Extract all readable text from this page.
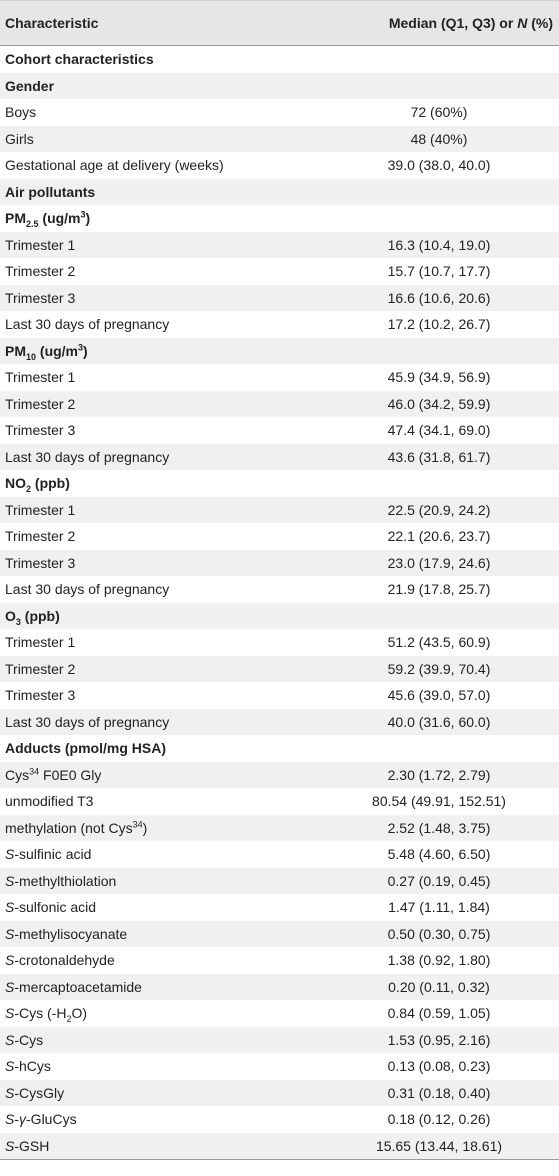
Characteristic	Median (Q1, Q3) or N (%)
Cohort characteristics
Gender
Boys	72 (60%)
Girls	48 (40%)
Gestational age at delivery (weeks)	39.0 (38.0, 40.0)
Air pollutants
$PM_{2.5}$ $(ug/m^3)$
Trimester 1	16.3 (10.4, 19.0)
Trimester 2	15.7 (10.7, 17.7)
Trimester 3	16.6 (10.6, 20.6)
Last 30 days of pregnancy	17.2 (10.2, 26.7)
$PM_{10}$ $(ug/m^3)$
Trimester 1	45.9 (34.9, 56.9)
Trimester 2	46.0 (34.2, 59.9)
Trimester 3	47.4 (34.1, 69.0)
Last 30 days of pregnancy	43.6 (31.8, 61.7)
$NO_2$ (ppb)
Trimester 1	22.5 (20.9, 24.2)
Trimester 2	22.1 (20.6, 23.7)
Trimester 3	23.0 (17.9, 24.6)
Last 30 days of pregnancy	21.9 (17.8, 25.7)
$O_3$ (ppb)
Trimester 1	51.2 (43.5, 60.9)
Trimester 2	59.2 (39.9, 70.4)
Trimester 3	45.6 (39.0, 57.0)
Last 30 days of pregnancy	40.0 (31.6, 60.0)
Adducts (pmol/mg HSA)
Cys$^{34}$ F0E0 Gly	2.30 (1.72, 2.79)
unmodified T3	80.54 (49.91, 152.51)
methylation (not Cys$^{34}$)	2.52 (1.48, 3.75)
S-sulfinic acid	5.48 (4.60, 6.50)
S-methylthiolation	0.27 (0.19, 0.45)
S-sulfonic acid	1.47 (1.11, 1.84)
S-methylisocyanate	0.50 (0.30, 0.75)
S-crotonaldehyde	1.38 (0.92, 1.80)
S-mercaptoacetamide	0.20 (0.11, 0.32)
S-Cys $(-H_2O)$	0.84 (0.59, 1.05)
S-Cys	1.53 (0.95, 2.16)
S-hCys	0.13 (0.08, 0.23)
S-CysGly	0.31 (0.18, 0.40)
S-γ-GluCys	0.18 (0.12, 0.26)
S-GSH	15.65 (13.44, 18.61)
